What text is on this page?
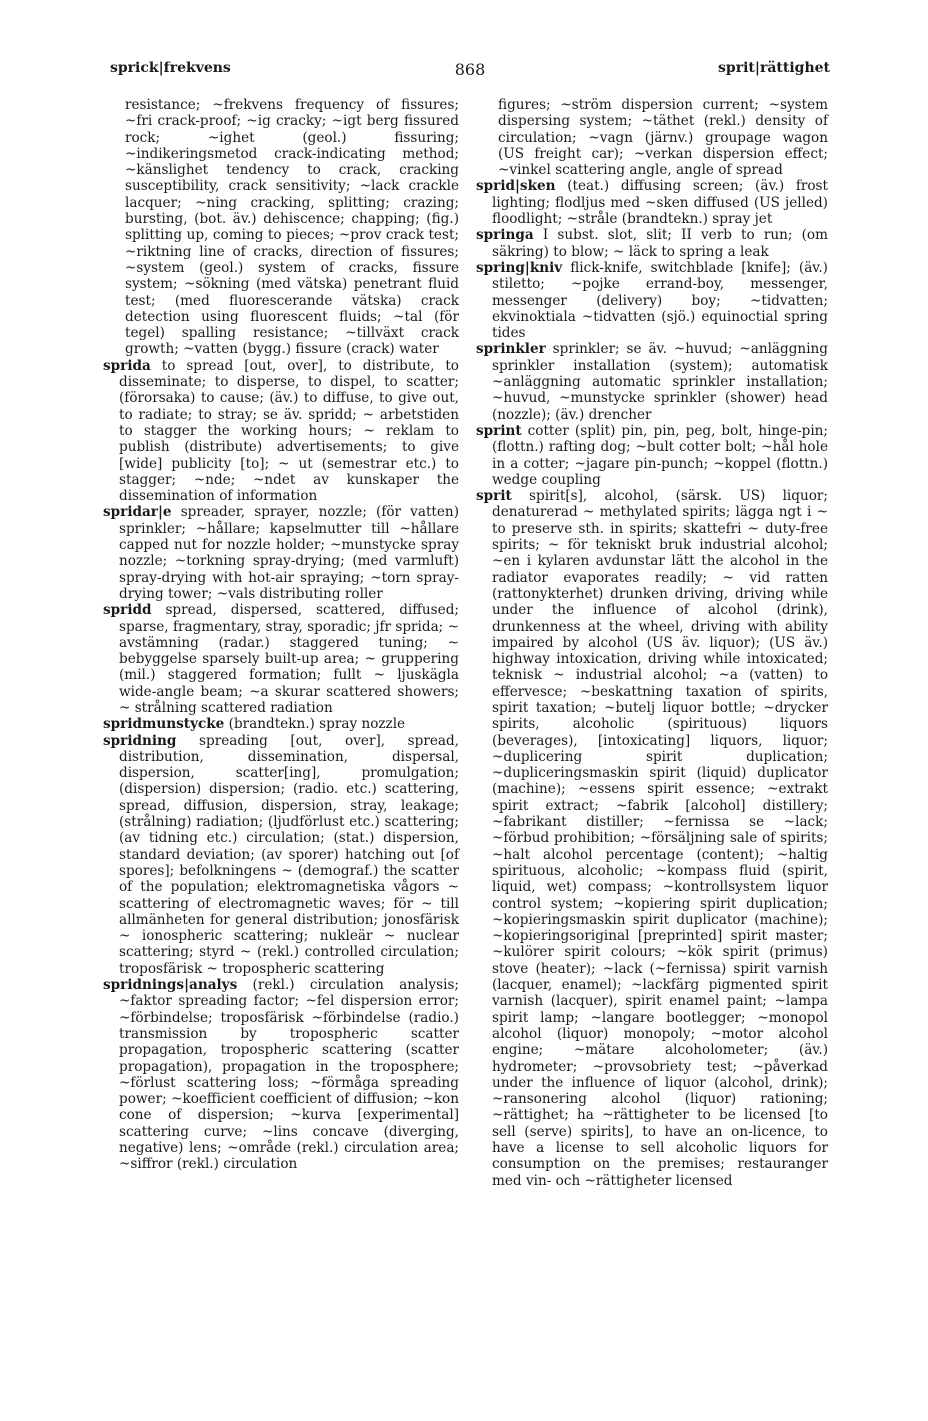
sprick|frekvens	868	sprit|rättighet

resistance; ~frekvens frequency of fissures; ~fri crack-proof; ~ig cracky; ~igt berg fissured rock; ~ighet (geol.) fissuring; ~indikeringsmetod crack-indicating method; ~känslighet tendency to crack, cracking susceptibility, crack sensitivity; ~lack crackle lacquer; ~ning cracking, splitting; crazing; bursting, (bot. äv.) dehiscence; chapping; (fig.) splitting up, coming to pieces; ~prov crack test; ~riktning line of cracks, direction of fissures; ~system (geol.) system of cracks, fissure system; ~sökning (med vätska) penetrant fluid test; (med fluorescerande vätska) crack detection using fluorescent fluids; ~tal (för tegel) spalling resistance; ~tillväxt crack growth; ~vatten (bygg.) fissure (crack) water

sprida to spread [out, over], to distribute, to disseminate; to disperse, to dispel, to scatter; (förorsaka) to cause; (äv.) to diffuse, to give out, to radiate; to stray; se äv. spridd; ~ arbetstiden to stagger the working hours; ~ reklam to publish (distribute) advertisements; to give [wide] publicity [to]; ~ ut (semestrar etc.) to stagger; ~nde; ~ndet av kunskaper the dissemination of information

spridar|e spreader, sprayer, nozzle; (för vatten) sprinkler; ~hållare; kapselmutter till ~hållare capped nut for nozzle holder; ~munstycke spray nozzle; ~torkning spray-drying; (med varmluft) spray-drying with hot-air spraying; ~torn spray-drying tower; ~vals distributing roller

spridd spread, dispersed, scattered, diffused; sparse, fragmentary, stray, sporadic; jfr sprida; ~ avstämning (radar.) staggered tuning; ~ bebyggelse sparsely built-up area; ~ gruppering (mil.) staggered formation; fullt ~ ljuskägla wide-angle beam; ~a skurar scattered showers; ~ strålning scattered radiation

spridmunstycke (brandtekn.) spray nozzle

spridning spreading [out, over], spread, distribution, dissemination, dispersal, dispersion, scatter[ing], promulgation; (dispersion) dispersion; (radio. etc.) scattering, spread, diffusion, dispersion, stray, leakage; (strålning) radiation; (ljudförlust etc.) scattering; (av tidning etc.) circulation; (stat.) dispersion, standard deviation; (av sporer) hatching out [of spores]; befolkningens ~ (demograf.) the scatter of the population; elektromagnetiska vågors ~ scattering of electromagnetic waves; för ~ till allmänheten for general distribution; jonosfärisk ~ ionospheric scattering; nukleär ~ nuclear scattering; styrd ~ (rekl.) controlled circulation; troposfärisk ~ tropospheric scattering

spridnings|analys (rekl.) circulation analysis; ~faktor spreading factor; ~fel dispersion error; ~förbindelse; troposfärisk ~förbindelse (radio.) transmission by tropospheric scatter propagation, tropospheric scattering (scatter propagation), propagation in the troposphere; ~förlust scattering loss; ~förmåga spreading power; ~koefficient coefficient of diffusion; ~kon cone of dispersion; ~kurva [experimental] scattering curve; ~lins concave (diverging, negative) lens; ~område (rekl.) circulation area; ~siffror (rekl.) circulation

figures; ~ström dispersion current; ~system dispersing system; ~täthet (rekl.) density of circulation; ~vagn (järnv.) groupage wagon (US freight car); ~verkan dispersion effect; ~vinkel scattering angle, angle of spread

sprid|sken (teat.) diffusing screen; (äv.) frost lighting; flodljus med ~sken diffused (US jelled) floodlight; ~stråle (brandtekn.) spray jet

springa I subst. slot, slit; II verb to run; (om säkring) to blow; ~ läck to spring a leak

spring|kniv flick-knife, switchblade [knife]; (äv.) stiletto; ~pojke errand-boy, messenger, messenger (delivery) boy; ~tidvatten; ekvinoktiala ~tidvatten (sjö.) equinoctial spring tides

sprinkler sprinkler; se äv. ~huvud; ~anläggning sprinkler installation (system); automatisk ~anläggning automatic sprinkler installation; ~huvud, ~munstycke sprinkler (shower) head (nozzle); (äv.) drencher

sprint cotter (split) pin, pin, peg, bolt, hinge-pin; (flottn.) rafting dog; ~bult cotter bolt; ~hål hole in a cotter; ~jagare pin-punch; ~koppel (flottn.) wedge coupling

sprit spirit[s], alcohol, (särsk. US) liquor; denaturerad ~ methylated spirits; lägga ngt i ~ to preserve sth. in spirits; skattefri ~ duty-free spirits; ~ för tekniskt bruk industrial alcohol; ~en i kylaren avdunstar lätt the alcohol in the radiator evaporates readily; ~ vid ratten (rattonykterhet) drunken driving, driving while under the influence of alcohol (drink), drunkenness at the wheel, driving with ability impaired by alcohol (US äv. liquor); (US äv.) highway intoxication, driving while intoxicated; teknisk ~ industrial alcohol; ~a (vatten) to effervesce; ~beskattning taxation of spirits, spirit taxation; ~butelj liquor bottle; ~drycker spirits, alcoholic (spirituous) liquors (beverages), [intoxicating] liquors, liquor; ~duplicering spirit duplication; ~dupliceringsmaskin spirit (liquid) duplicator (machine); ~essens spirit essence; ~extrakt spirit extract; ~fabrik [alcohol] distillery; ~fabrikant distiller; ~fernissa se ~lack; ~förbud prohibition; ~försäljning sale of spirits; ~halt alcohol percentage (content); ~haltig spirituous, alcoholic; ~kompass fluid (spirit, liquid, wet) compass; ~kontrollsystem liquor control system; ~kopiering spirit duplication; ~kopieringsmaskin spirit duplicator (machine); ~kopieringsoriginal [preprinted] spirit master; ~kulörer spirit colours; ~kök spirit (primus) stove (heater); ~lack (~fernissa) spirit varnish (lacquer, enamel); ~lackfärg pigmented spirit varnish (lacquer), spirit enamel paint; ~lampa spirit lamp; ~langare bootlegger; ~monopol alcohol (liquor) monopoly; ~motor alcohol engine; ~mätare alcoholometer; (äv.) hydrometer; ~provsobriety test; ~påverkad under the influence of liquor (alcohol, drink); ~ransonering alcohol (liquor) rationing; ~rättighet; ha ~rättigheter to be licensed [to sell (serve) spirits], to have an on-licence, to have a license to sell alcoholic liquors for consumption on the premises; restauranger med vin- och ~rättigheter licensed
